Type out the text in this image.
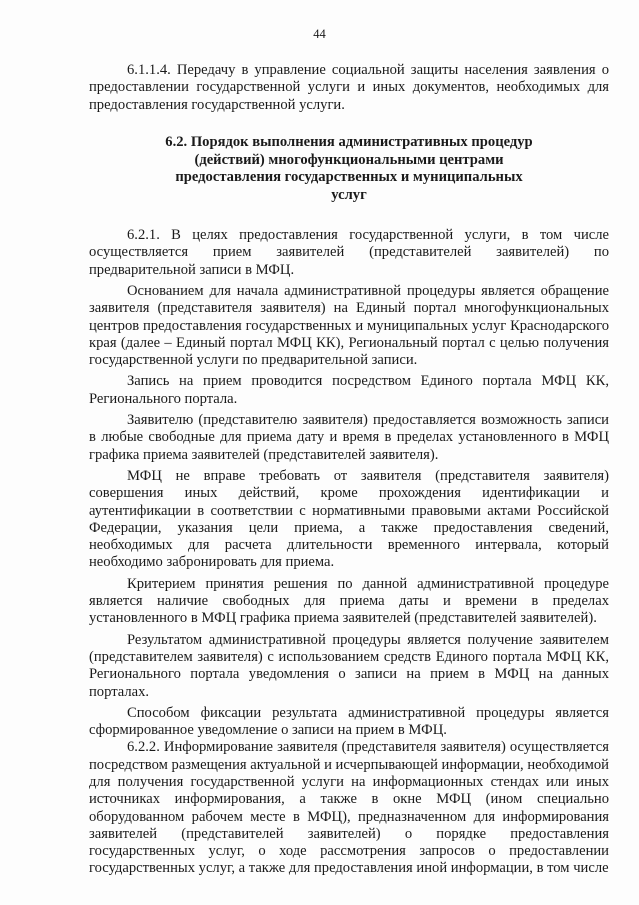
44

6.1.1.4. Передачу в управление социальной защиты населения заявления о предоставлении государственной услуги и иных документов, необходимых для предоставления государственной услуги.

6.2. Порядок выполнения административных процедур (действий) многофункциональными центрами предоставления государственных и муниципальных услуг

6.2.1. В целях предоставления государственной услуги, в том числе осуществляется прием заявителей (представителей заявителей) по предварительной записи в МФЦ.

Основанием для начала административной процедуры является обращение заявителя (представителя заявителя) на Единый портал многофункциональных центров предоставления государственных и муниципальных услуг Краснодарского края (далее – Единый портал МФЦ КК), Региональный портал с целью получения государственной услуги по предварительной записи.

Запись на прием проводится посредством Единого портала МФЦ КК, Регионального портала.

Заявителю (представителю заявителя) предоставляется возможность записи в любые свободные для приема дату и время в пределах установленного в МФЦ графика приема заявителей (представителей заявителя).

МФЦ не вправе требовать от заявителя (представителя заявителя) совершения иных действий, кроме прохождения идентификации и аутентификации в соответствии с нормативными правовыми актами Российской Федерации, указания цели приема, а также предоставления сведений, необходимых для расчета длительности временного интервала, который необходимо забронировать для приема.

Критерием принятия решения по данной административной процедуре является наличие свободных для приема даты и времени в пределах установленного в МФЦ графика приема заявителей (представителей заявителей).

Результатом административной процедуры является получение заявителем (представителем заявителя) с использованием средств Единого портала МФЦ КК, Регионального портала уведомления о записи на прием в МФЦ на данных порталах.

Способом фиксации результата административной процедуры является сформированное уведомление о записи на прием в МФЦ.

6.2.2. Информирование заявителя (представителя заявителя) осуществляется посредством размещения актуальной и исчерпывающей информации, необходимой для получения государственной услуги на информационных стендах или иных источниках информирования, а также в окне МФЦ (ином специально оборудованном рабочем месте в МФЦ), предназначенном для информирования заявителей (представителей заявителей) о порядке предоставления государственных услуг, о ходе рассмотрения запросов о предоставлении государственных услуг, а также для предоставления иной информации, в том числе
